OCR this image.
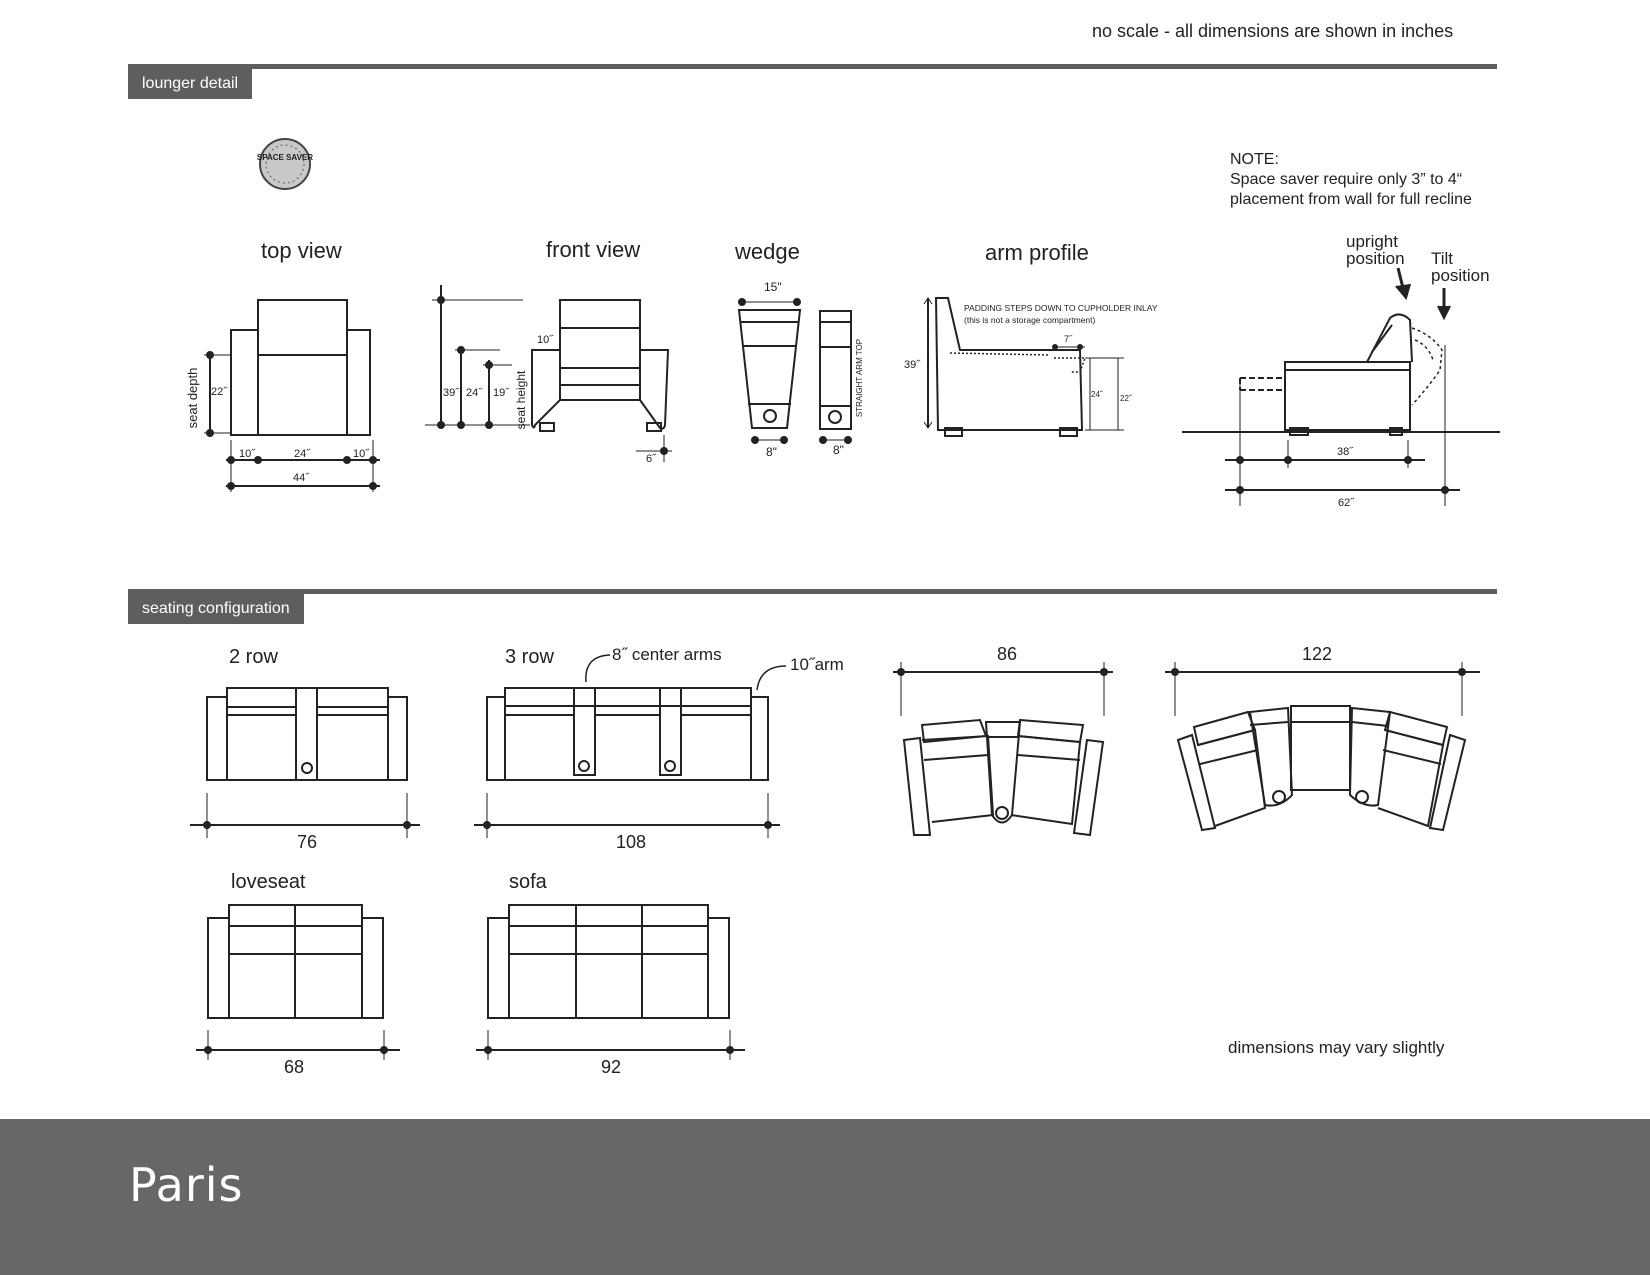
no scale - all dimensions are shown in inches
lounger detail
seating configuration
top view	front view	wedge	arm profile
NOTE:
Space saver require only 3” to 4“
placement from wall for full recline
upright
position Tilt
position
2 row	3 row	8˝ center arms
10˝arm
loveseat	sofa
76	108
86	122
68	92
dimensions may vary slightly
SPACE SAVER
seat depth 22˝
10˝	24˝	10˝
44˝
39˝ 24˝ 19˝ seat height
10˝
6˝
15"
8"	8"
STRAIGHT ARM TOP	39˝
PADDING STEPS DOWN TO CUPHOLDER INLAY
(this is not a storage compartment)
7˝
24˝ 22˝
38˝
62˝
Paris
